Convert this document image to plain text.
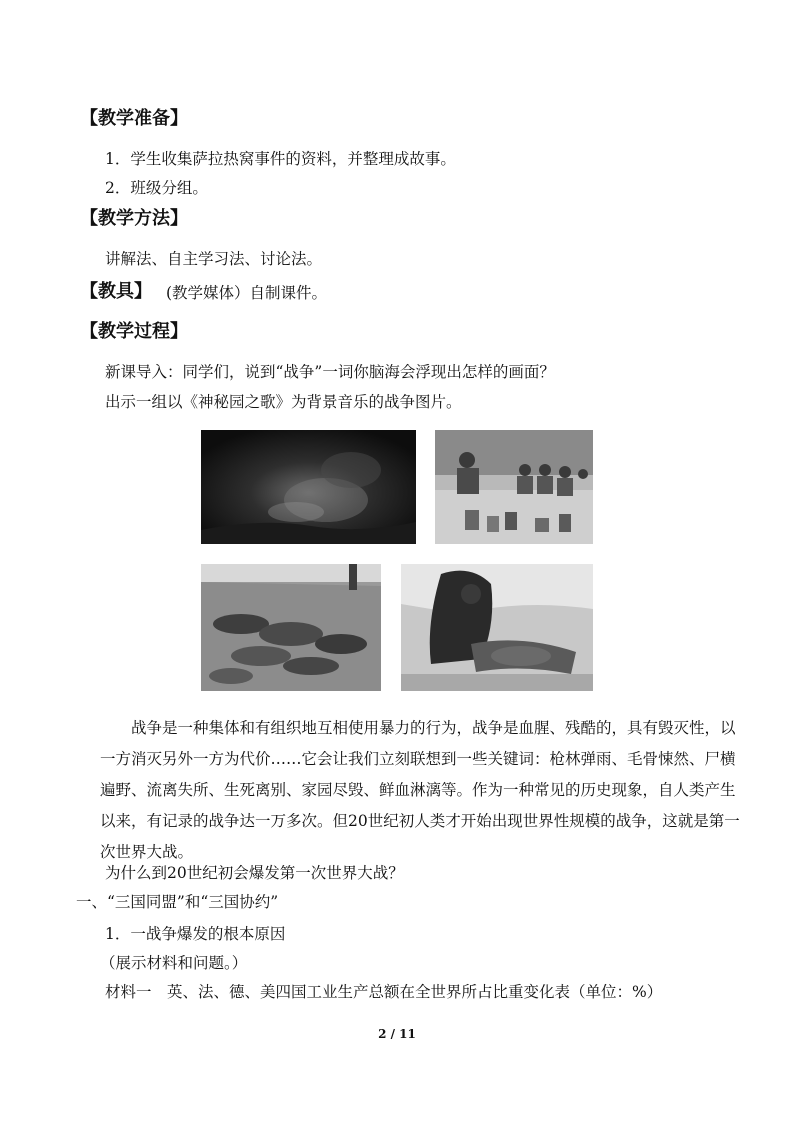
【教学准备】
1．学生收集萨拉热窝事件的资料，并整理成故事。
2．班级分组。
【教学方法】
讲解法、自主学习法、讨论法。
【教具】 (教学媒体）自制课件。
【教学过程】
新课导入：同学们，说到“战争”一词你脑海会浮现出怎样的画面？
出示一组以《神秘园之歌》为背景音乐的战争图片。
战争是一种集体和有组织地互相使用暴力的行为，战争是血腥、残酷的，具有毁灭性，以一方消灭另外一方为代价……它会让我们立刻联想到一些关键词：枪林弹雨、毛骨悚然、尸横遍野、流离失所、生死离别、家园尽毁、鲜血淋漓等。作为一种常见的历史现象，自人类产生以来，有记录的战争达一万多次。但20世纪初人类才开始出现世界性规模的战争，这就是第一次世界大战。
为什么到20世纪初会爆发第一次世界大战？
一、“三国同盟”和“三国协约”
1．一战争爆发的根本原因
（展示材料和问题。）
材料一　英、法、德、美四国工业生产总额在全世界所占比重变化表（单位：%）
2 / 11
